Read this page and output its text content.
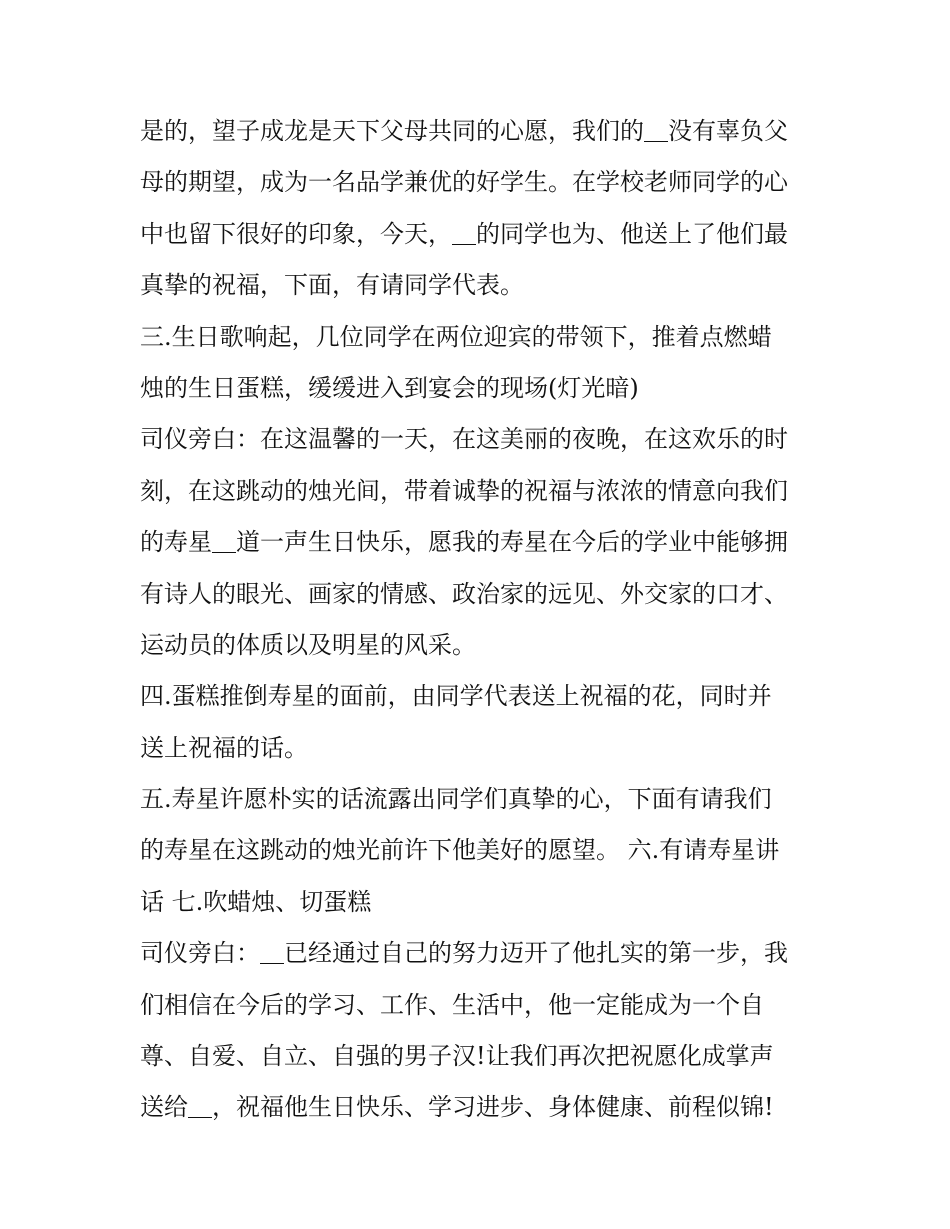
是的，望子成龙是天下父母共同的心愿，我们的＿没有辜负父
母的期望，成为一名品学兼优的好学生。在学校老师同学的心
中也留下很好的印象，今天，＿的同学也为、他送上了他们最
真挚的祝福，下面，有请同学代表。
三.生日歌响起，几位同学在两位迎宾的带领下，推着点燃蜡
烛的生日蛋糕，缓缓进入到宴会的现场(灯光暗)
司仪旁白：在这温馨的一天，在这美丽的夜晚，在这欢乐的时
刻，在这跳动的烛光间，带着诚挚的祝福与浓浓的情意向我们
的寿星＿道一声生日快乐，愿我的寿星在今后的学业中能够拥
有诗人的眼光、画家的情感、政治家的远见、外交家的口才、
运动员的体质以及明星的风采。
四.蛋糕推倒寿星的面前，由同学代表送上祝福的花，同时并
送上祝福的话。
五.寿星许愿朴实的话流露出同学们真挚的心，下面有请我们
的寿星在这跳动的烛光前许下他美好的愿望。 六.有请寿星讲
话 七.吹蜡烛、切蛋糕
司仪旁白：＿已经通过自己的努力迈开了他扎实的第一步，我
们相信在今后的学习、工作、生活中，他一定能成为一个自
尊、自爱、自立、自强的男子汉!让我们再次把祝愿化成掌声
送给＿，祝福他生日快乐、学习进步、身体健康、前程似锦!
